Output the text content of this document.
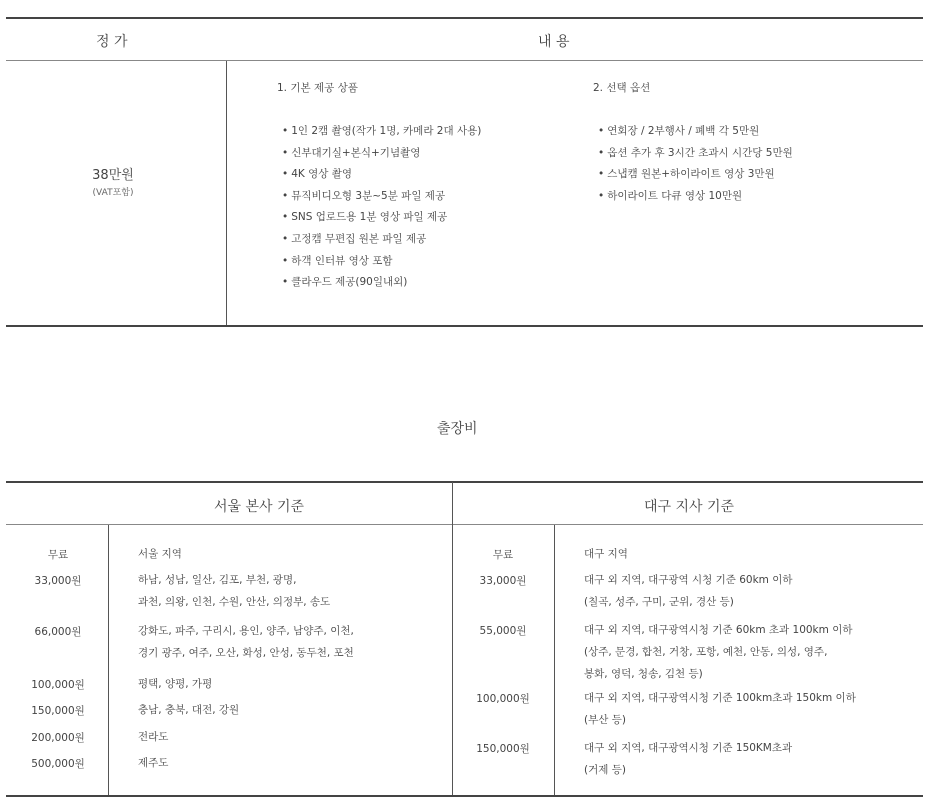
정 가	내 용
38만원
(VAT포함)
1. 기본 제공 상품
• 1인 2캠 촬영(작가 1명, 카메라 2대 사용)
• 신부대기실+본식+기념촬영
• 4K 영상 촬영
• 뮤직비디오형 3분~5분 파일 제공
• SNS 업로드용 1분 영상 파일 제공
• 고정캠 무편집 원본 파일 제공
• 하객 인터뷰 영상 포함
• 클라우드 제공(90일내외)
2. 선택 옵션
• 연회장 / 2부행사 / 폐백 각 5만원
• 옵션 추가 후 3시간 초과시 시간당 5만원
• 스냅캠 원본+하이라이트 영상 3만원
• 하이라이트 다큐 영상 10만원
출장비
서울 본사 기준	대구 지사 기준
무료
33,000원
66,000원
100,000원
150,000원
200,000원
500,000원
서울 지역
하남, 성남, 일산, 김포, 부천, 광명,
과천, 의왕, 인천, 수원, 안산, 의정부, 송도
강화도, 파주, 구리시, 용인, 양주, 남양주, 이천,
경기 광주, 여주, 오산, 화성, 안성, 동두천, 포천
평택, 양평, 가평
충남, 충북, 대전, 강원
전라도
제주도
무료
33,000원
55,000원
100,000원
150,000원
대구 지역
대구 외 지역, 대구광역 시청 기준 60km 이하
(칠곡, 성주, 구미, 군위, 경산 등)
대구 외 지역, 대구광역시청 기준 60km 초과 100km 이하
(상주, 문경, 합천, 거창, 포항, 예천, 안동, 의성, 영주,
봉화, 영덕, 청송, 김천 등)
대구 외 지역, 대구광역시청 기준 100km초과 150km 이하
(부산 등)
대구 외 지역, 대구광역시청 기준 150KM초과
(거제 등)
